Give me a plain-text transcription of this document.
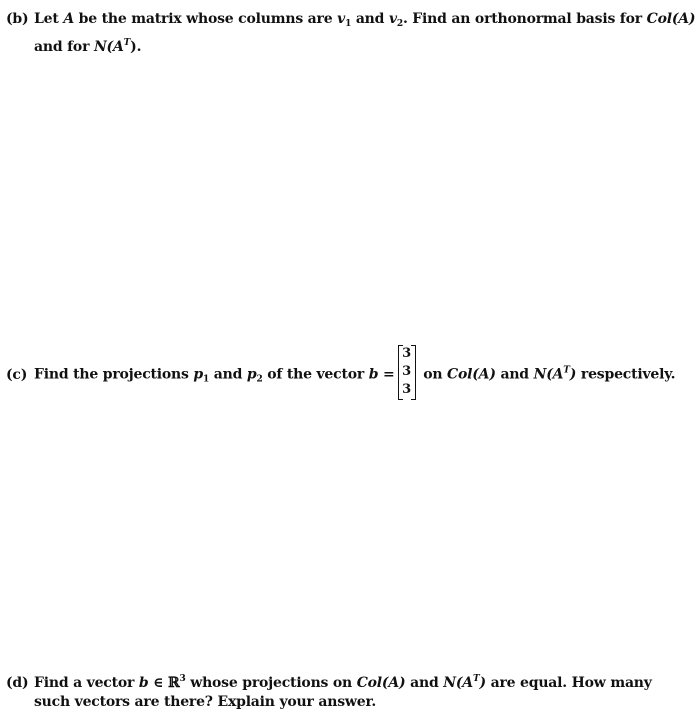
(b) Let A be the matrix whose columns are $v_1$ and $v_2$. Find an orthonormal basis for Col(A)
and for $N(A^T)$.
(c) Find the projections $p_1$ and $p_2$ of the vector b =
3
3
3
on Col(A) and $N(A^T)$ respectively.
(d) Find a vector b ∈ ℝ$^3$ whose projections on Col(A) and $N(A^T)$ are equal. How many
such vectors are there? Explain your answer.
